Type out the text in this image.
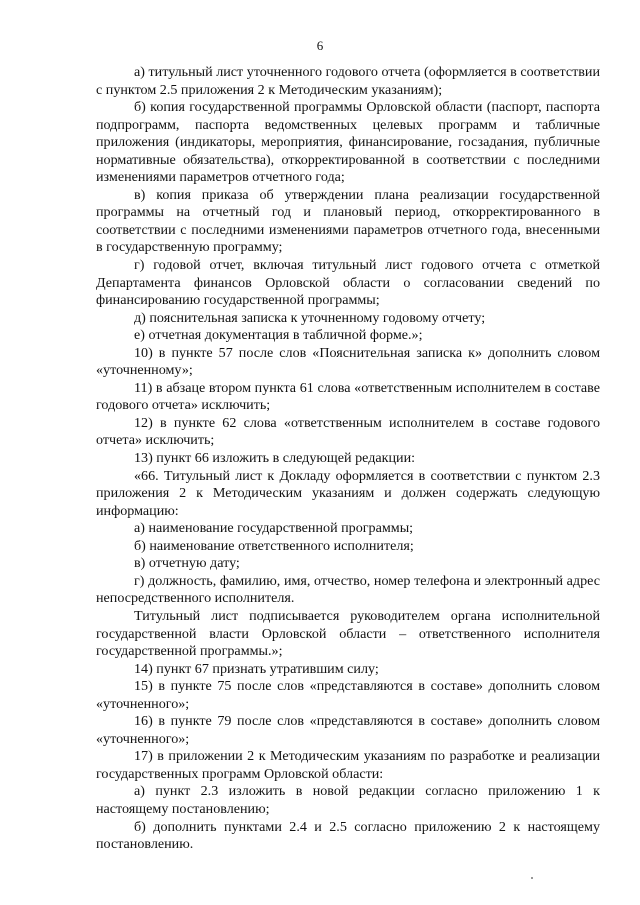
6

а) титульный лист уточненного годового отчета (оформляется в соответствии с пунктом 2.5 приложения 2 к Методическим указаниям);

б) копия государственной программы Орловской области (паспорт, паспорта подпрограмм, паспорта ведомственных целевых программ и табличные приложения (индикаторы, мероприятия, финансирование, госзадания, публичные нормативные обязательства), откорректированной в соответствии с последними изменениями параметров отчетного года;

в) копия приказа об утверждении плана реализации государственной программы на отчетный год и плановый период, откорректированного в соответствии с последними изменениями параметров отчетного года, внесенными в государственную программу;

г) годовой отчет, включая титульный лист годового отчета с отметкой Департамента финансов Орловской области о согласовании сведений по финансированию государственной программы;

д) пояснительная записка к уточненному годовому отчету;

е) отчетная документация в табличной форме.»;

10) в пункте 57 после слов «Пояснительная записка к» дополнить словом «уточненному»;

11) в абзаце втором пункта 61 слова «ответственным исполнителем в составе годового отчета» исключить;

12) в пункте 62 слова «ответственным исполнителем в составе годового отчета» исключить;

13) пункт 66 изложить в следующей редакции:

«66. Титульный лист к Докладу оформляется в соответствии с пунктом 2.3 приложения 2 к Методическим указаниям и должен содержать следующую информацию:

а) наименование государственной программы;

б) наименование ответственного исполнителя;

в) отчетную дату;

г) должность, фамилию, имя, отчество, номер телефона и электронный адрес непосредственного исполнителя.

Титульный лист подписывается руководителем органа исполнительной государственной власти Орловской области – ответственного исполнителя государственной программы.»;

14) пункт 67 признать утратившим силу;

15) в пункте 75 после слов «представляются в составе» дополнить словом «уточненного»;

16) в пункте 79 после слов «представляются в составе» дополнить словом «уточненного»;

17) в приложении 2 к Методическим указаниям по разработке и реализации государственных программ Орловской области:

а) пункт 2.3 изложить в новой редакции согласно приложению 1 к настоящему постановлению;

б) дополнить пунктами 2.4 и 2.5 согласно приложению 2 к настоящему постановлению.
